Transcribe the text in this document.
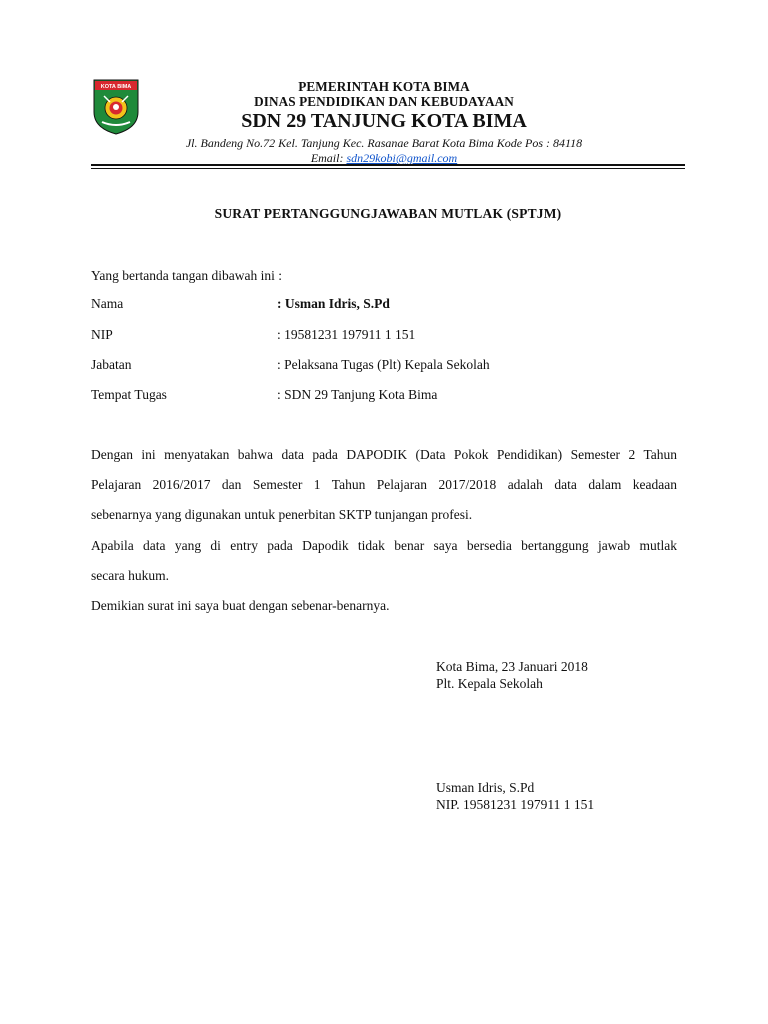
KOTA BIMA	PEMERINTAH KOTA BIMA
DINAS PENDIDIKAN DAN KEBUDAYAAN
SDN 29 TANJUNG KOTA BIMA
Jl. Bandeng No.72 Kel. Tanjung Kec. Rasanae Barat Kota Bima Kode Pos : 84118
Email: sdn29kobi@gmail.com
SURAT PERTANGGUNGJAWABAN MUTLAK (SPTJM)
Yang bertanda tangan dibawah ini :
Nama	: Usman Idris, S.Pd
NIP	: 19581231 197911 1 151
Jabatan	: Pelaksana Tugas (Plt) Kepala Sekolah
Tempat Tugas	: SDN 29 Tanjung Kota Bima
Dengan ini menyatakan bahwa data pada DAPODIK (Data Pokok Pendidikan) Semester 2 Tahun
Pelajaran 2016/2017 dan Semester 1 Tahun Pelajaran 2017/2018 adalah data dalam keadaan
sebenarnya yang digunakan untuk penerbitan SKTP tunjangan profesi.
Apabila data yang di entry pada Dapodik tidak benar saya bersedia bertanggung jawab mutlak
secara hukum.
Demikian surat ini saya buat dengan sebenar-benarnya.
Kota Bima, 23 Januari 2018
Plt. Kepala Sekolah
Usman Idris, S.Pd
NIP. 19581231 197911 1 151
